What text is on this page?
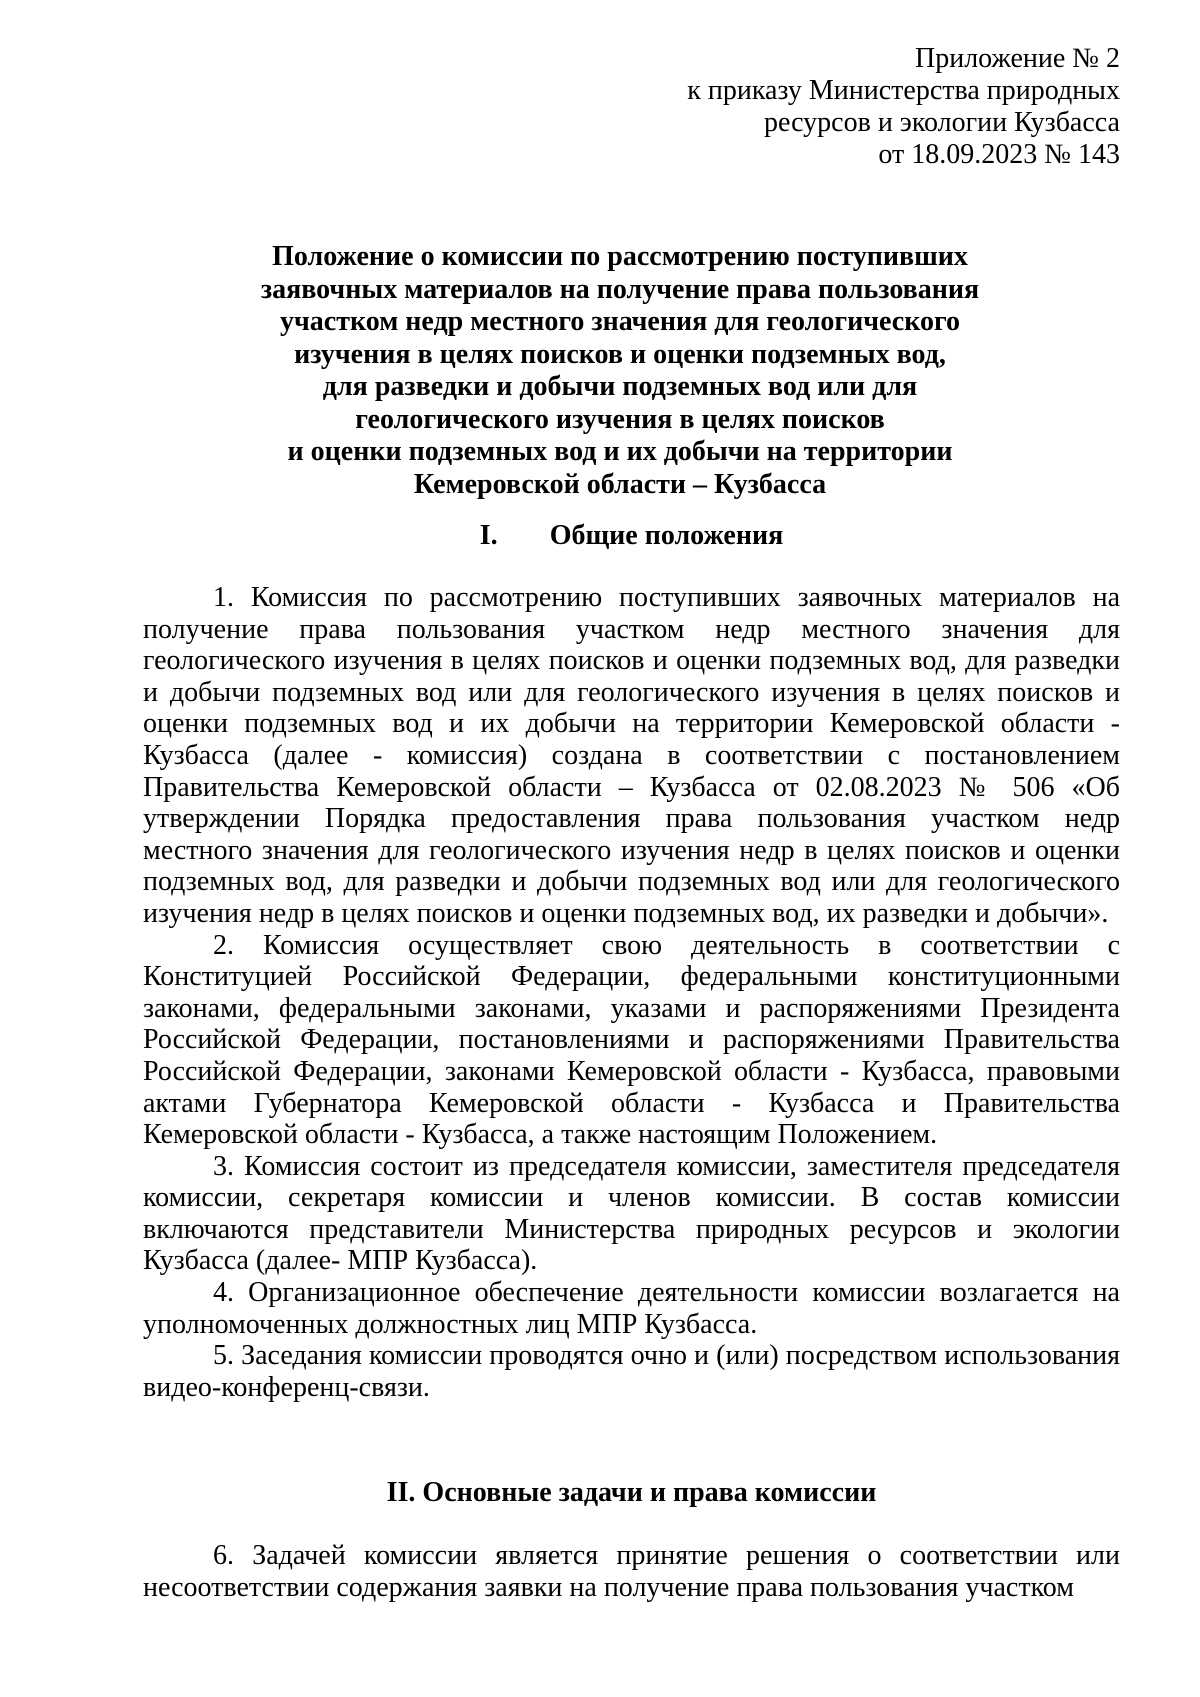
Приложение № 2
к приказу Министерства природных
ресурсов и экологии Кузбасса
от 18.09.2023 № 143
Положение о комиссии по рассмотрению поступивших
заявочных материалов на получение права пользования
участком недр местного значения для геологического
изучения в целях поисков и оценки подземных вод,
для разведки и добычи подземных вод или для
геологического изучения в целях поисков
и оценки подземных вод и их добычи на территории
Кемеровской области – Кузбасса
I. Общие положения

1. Комиссия по рассмотрению поступивших заявочных материалов на получение права пользования участком недр местного значения для геологического изучения в целях поисков и оценки подземных вод, для разведки и добычи подземных вод или для геологического изучения в целях поисков и оценки подземных вод и их добычи на территории Кемеровской области - Кузбасса (далее - комиссия) создана в соответствии с постановлением Правительства Кемеровской области – Кузбасса от 02.08.2023 № 506 «Об утверждении Порядка предоставления права пользования участком недр местного значения для геологического изучения недр в целях поисков и оценки подземных вод, для разведки и добычи подземных вод или для геологического изучения недр в целях поисков и оценки подземных вод, их разведки и добычи».

2. Комиссия осуществляет свою деятельность в соответствии с Конституцией Российской Федерации, федеральными конституционными законами, федеральными законами, указами и распоряжениями Президента Российской Федерации, постановлениями и распоряжениями Правительства Российской Федерации, законами Кемеровской области - Кузбасса, правовыми актами Губернатора Кемеровской области - Кузбасса и Правительства Кемеровской области - Кузбасса, а также настоящим Положением.

3. Комиссия состоит из председателя комиссии, заместителя председателя комиссии, секретаря комиссии и членов комиссии. В состав комиссии включаются представители Министерства природных ресурсов и экологии Кузбасса (далее- МПР Кузбасса).

4. Организационное обеспечение деятельности комиссии возлагается на уполномоченных должностных лиц МПР Кузбасса.

5. Заседания комиссии проводятся очно и (или) посредством использования видео-конференц-связи.

II. Основные задачи и права комиссии

6. Задачей комиссии является принятие решения о соответствии или несоответствии содержания заявки на получение права пользования участком
